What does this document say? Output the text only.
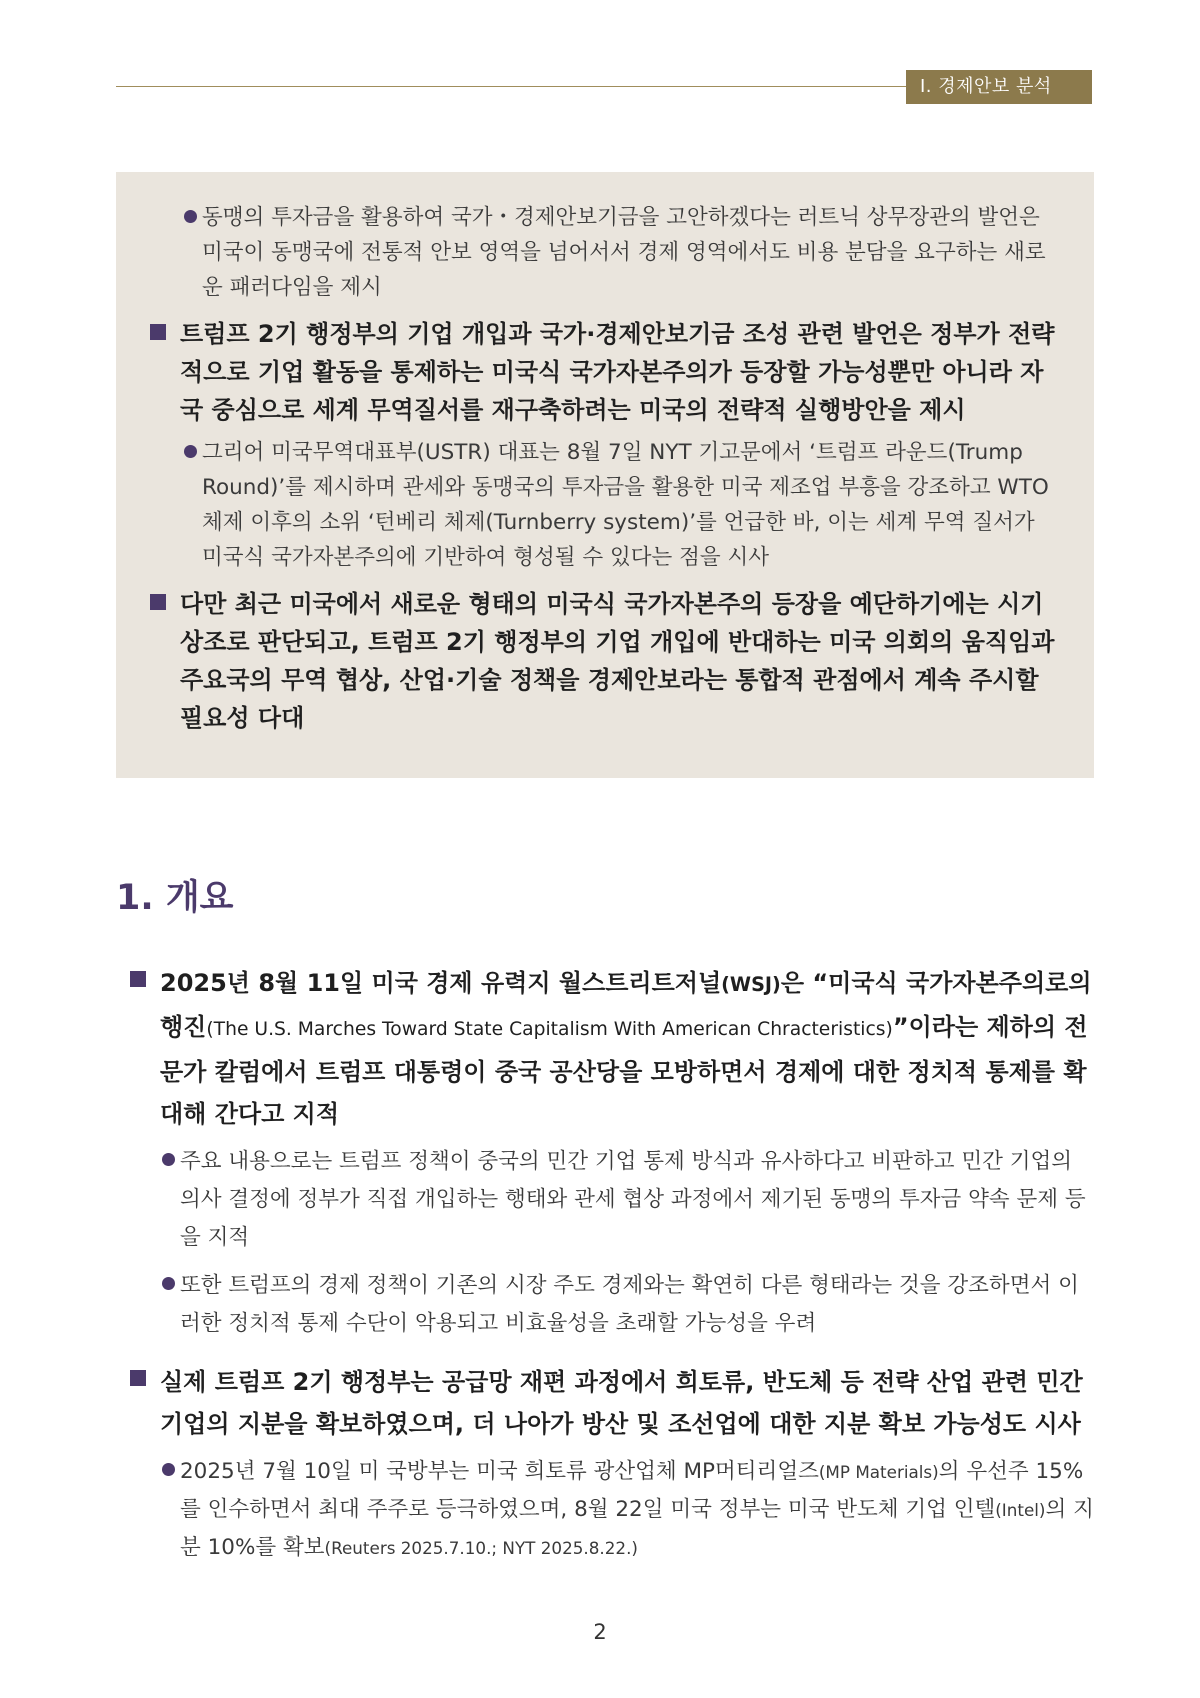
Ⅰ. 경제안보 분석
동맹의 투자금을 활용하여 국가・경제안보기금을 고안하겠다는 러트닉 상무장관의 발언은 미국이 동맹국에 전통적 안보 영역을 넘어서서 경제 영역에서도 비용 분담을 요구하는 새로운 패러다임을 제시
트럼프 2기 행정부의 기업 개입과 국가·경제안보기금 조성 관련 발언은 정부가 전략적으로 기업 활동을 통제하는 미국식 국가자본주의가 등장할 가능성뿐만 아니라 자국 중심으로 세계 무역질서를 재구축하려는 미국의 전략적 실행방안을 제시
그리어 미국무역대표부(USTR) 대표는 8월 7일 NYT 기고문에서 ‘트럼프 라운드(Trump Round)’를 제시하며 관세와 동맹국의 투자금을 활용한 미국 제조업 부흥을 강조하고 WTO 체제 이후의 소위 ‘턴베리 체제(Turnberry system)’를 언급한 바, 이는 세계 무역 질서가 미국식 국가자본주의에 기반하여 형성될 수 있다는 점을 시사
다만 최근 미국에서 새로운 형태의 미국식 국가자본주의 등장을 예단하기에는 시기상조로 판단되고, 트럼프 2기 행정부의 기업 개입에 반대하는 미국 의회의 움직임과 주요국의 무역 협상, 산업·기술 정책을 경제안보라는 통합적 관점에서 계속 주시할 필요성 다대
1. 개요
2025년 8월 11일 미국 경제 유력지 월스트리트저널(WSJ)은 “미국식 국가자본주의로의 행진(The U.S. Marches Toward State Capitalism With American Chracteristics)”이라는 제하의 전문가 칼럼에서 트럼프 대통령이 중국 공산당을 모방하면서 경제에 대한 정치적 통제를 확대해 간다고 지적
주요 내용으로는 트럼프 정책이 중국의 민간 기업 통제 방식과 유사하다고 비판하고 민간 기업의 의사 결정에 정부가 직접 개입하는 행태와 관세 협상 과정에서 제기된 동맹의 투자금 약속 문제 등을 지적
또한 트럼프의 경제 정책이 기존의 시장 주도 경제와는 확연히 다른 형태라는 것을 강조하면서 이러한 정치적 통제 수단이 악용되고 비효율성을 초래할 가능성을 우려
실제 트럼프 2기 행정부는 공급망 재편 과정에서 희토류, 반도체 등 전략 산업 관련 민간 기업의 지분을 확보하였으며, 더 나아가 방산 및 조선업에 대한 지분 확보 가능성도 시사
2025년 7월 10일 미 국방부는 미국 희토류 광산업체 MP머티리얼즈(MP Materials)의 우선주 15%를 인수하면서 최대 주주로 등극하였으며, 8월 22일 미국 정부는 미국 반도체 기업 인텔(Intel)의 지분 10%를 확보(Reuters 2025.7.10.; NYT 2025.8.22.)
2
